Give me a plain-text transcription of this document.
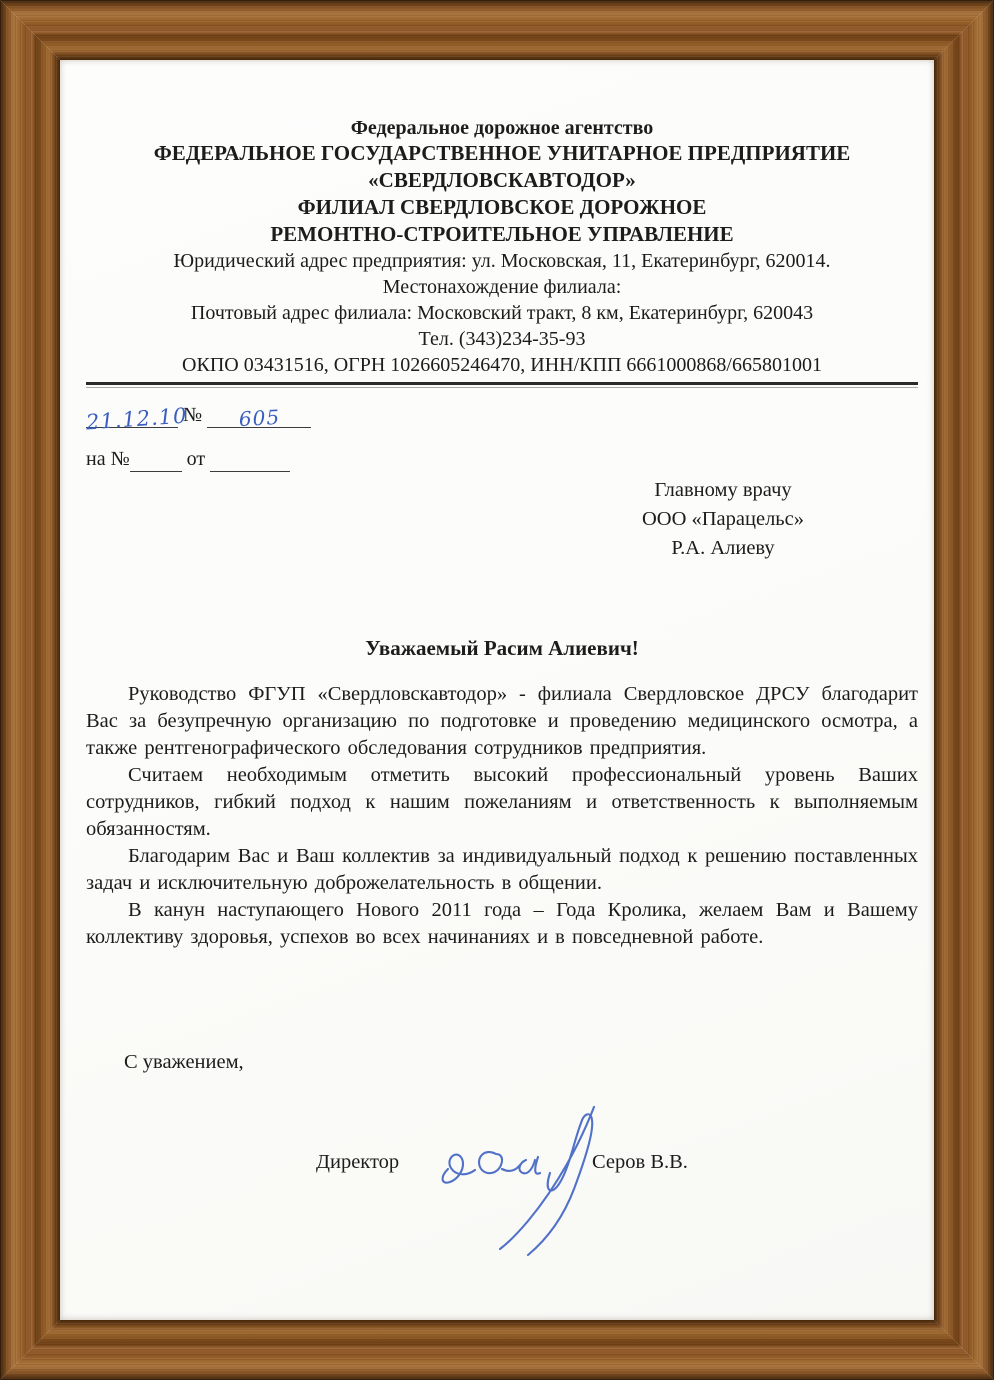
Федеральное дорожное агентство
ФЕДЕРАЛЬНОЕ ГОСУДАРСТВЕННОЕ УНИТАРНОЕ ПРЕДПРИЯТИЕ
«СВЕРДЛОВСКАВТОДОР»
ФИЛИАЛ СВЕРДЛОВСКОЕ ДОРОЖНОЕ
РЕМОНТНО-СТРОИТЕЛЬНОЕ УПРАВЛЕНИЕ
Юридический адрес предприятия: ул. Московская, 11, Екатеринбург, 620014.
Местонахождение филиала:
Почтовый адрес филиала: Московский тракт, 8 км, Екатеринбург, 620043
Тел. (343)234-35-93
ОКПО 03431516, ОГРН 1026605246470, ИНН/КПП 6661000868/665801001
21.12.10 № 605
на №	от
Главному врачу
ООО «Парацельс»
Р.А. Алиеву
Уважаемый Расим Алиевич!

Руководство ФГУП «Свердловскавтодор» - филиала Свердловское ДРСУ благодарит Вас за безупречную организацию по подготовке и проведению медицинского осмотра, а также рентгенографического обследования сотрудников предприятия.

Считаем необходимым отметить высокий профессиональный уровень Ваших сотрудников, гибкий подход к нашим пожеланиям и ответственность к выполняемым обязанностям.

Благодарим Вас и Ваш коллектив за индивидуальный подход к решению поставленных задач и исключительную доброжелательность в общении.

В канун наступающего Нового 2011 года – Года Кролика, желаем Вам и Вашему коллективу здоровья, успехов во всех начинаниях и в повседневной работе.

С уважением,
Директор	Серов В.В.
